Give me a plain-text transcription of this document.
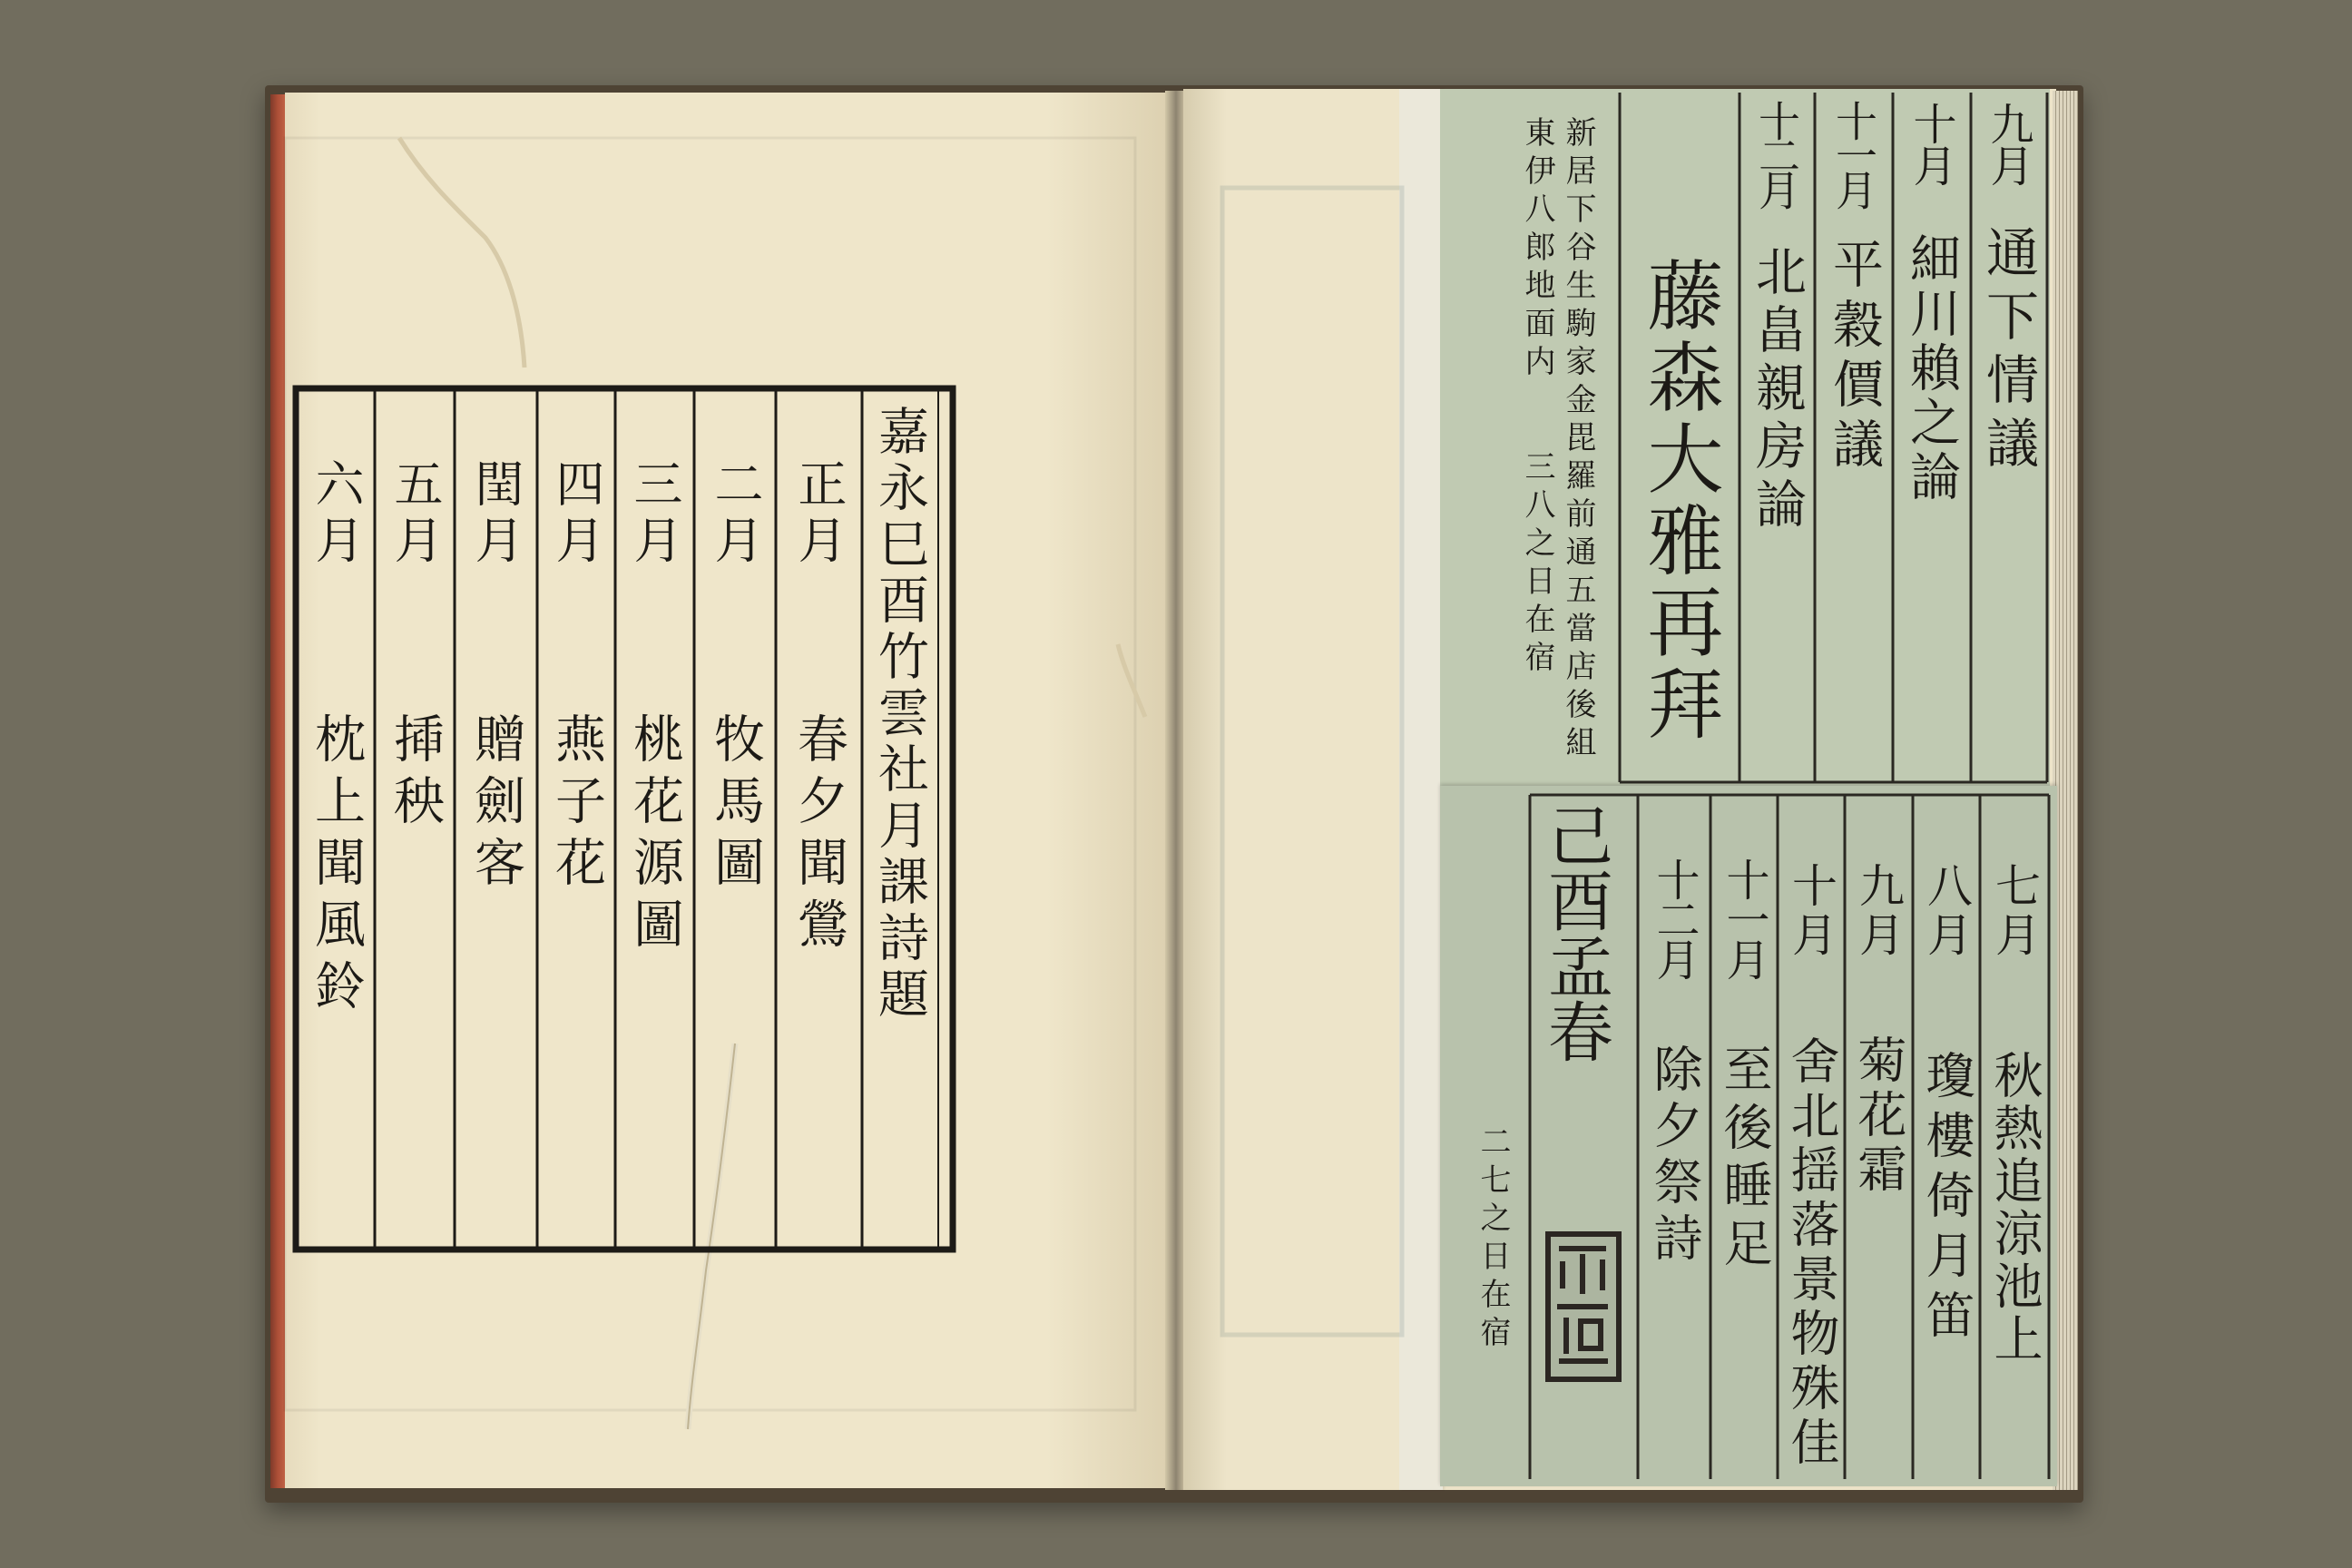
嘉永巳酉竹雲社月課詩題
正月
春夕聞鶯
二月
牧馬圖
三月
桃花源圖
四月
燕子花
閏月
贈劍客
五月
揷秧
六月
枕上聞風鈴
九月
通下情議
十月
細川賴之論
十一月
平穀價議
十二月
北畠親房論
藤森大雅再拜
新居下谷生駒家金毘羅前通五當店後組
東伊八郎地面内
三八之日在宿
七月
秋熱追涼池上
八月
瓊樓倚月笛
九月
菊花霜
十月
舍北揺落景物殊佳
十一月
至後睡足
十二月
除夕祭詩
己酉孟春
二七之日在宿
